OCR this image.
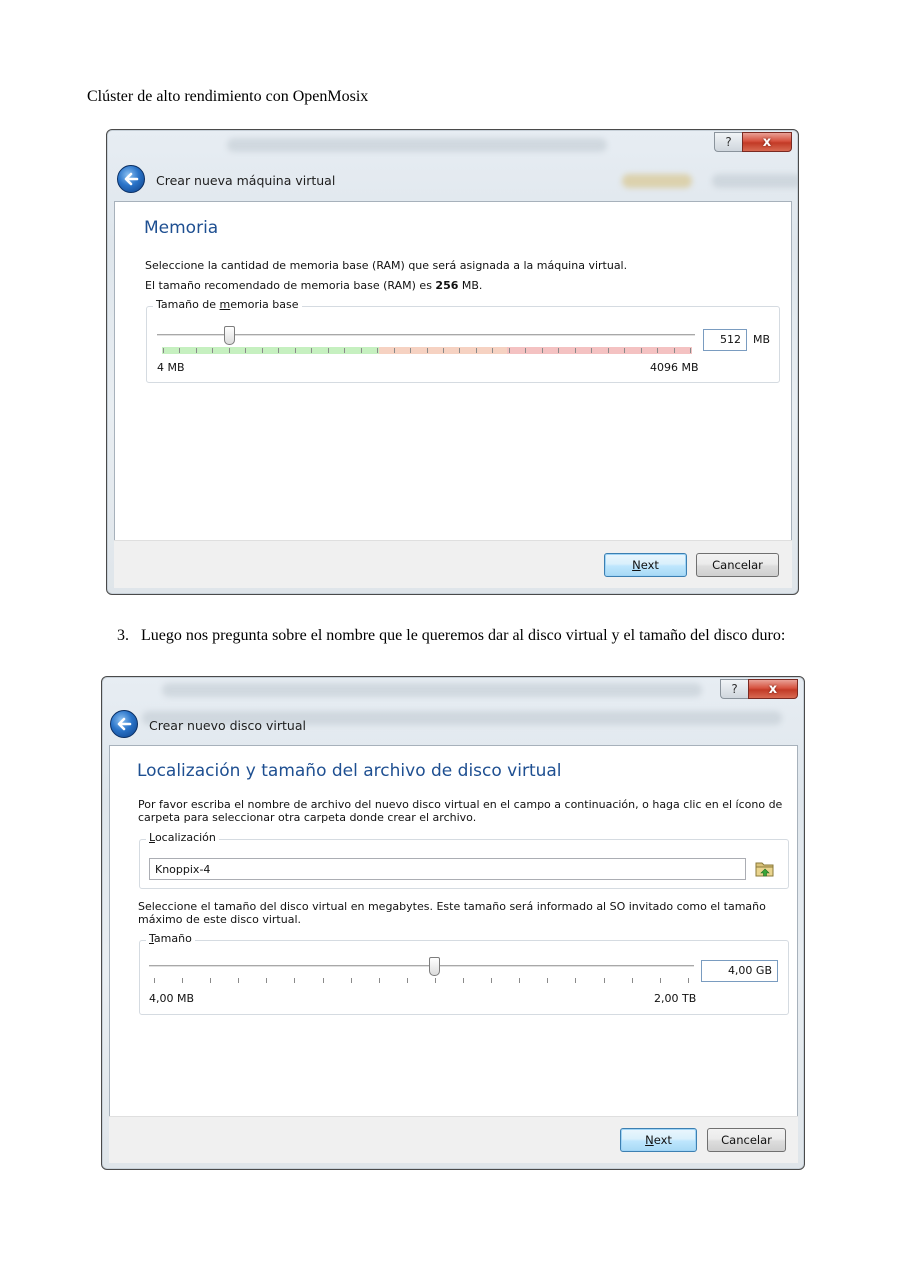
Clúster de alto rendimiento con OpenMosix
? x
Crear nueva máquina virtual
Memoria
Seleccione la cantidad de memoria base (RAM) que será asignada a la máquina virtual.
El tamaño recomendado de memoria base (RAM) es 256 MB.
Tamaño de memoria base
512	MB
4 MB	4096 MB
N ext	Cancelar
3. Luego nos pregunta sobre el nombre que le queremos dar al disco virtual y el tamaño del disco duro:
? x
Crear nuevo disco virtual
Localización y tamaño del archivo de disco virtual
Por favor escriba el nombre de archivo del nuevo disco virtual en el campo a continuación, o haga clic en el ícono de carpeta para seleccionar otra carpeta donde crear el archivo.
Localización
Knoppix-4
Seleccione el tamaño del disco virtual en megabytes. Este tamaño será informado al SO invitado como el tamaño máximo de este disco virtual.
Tamaño
4,00 GB
4,00 MB	2,00 TB
N ext	Cancelar
